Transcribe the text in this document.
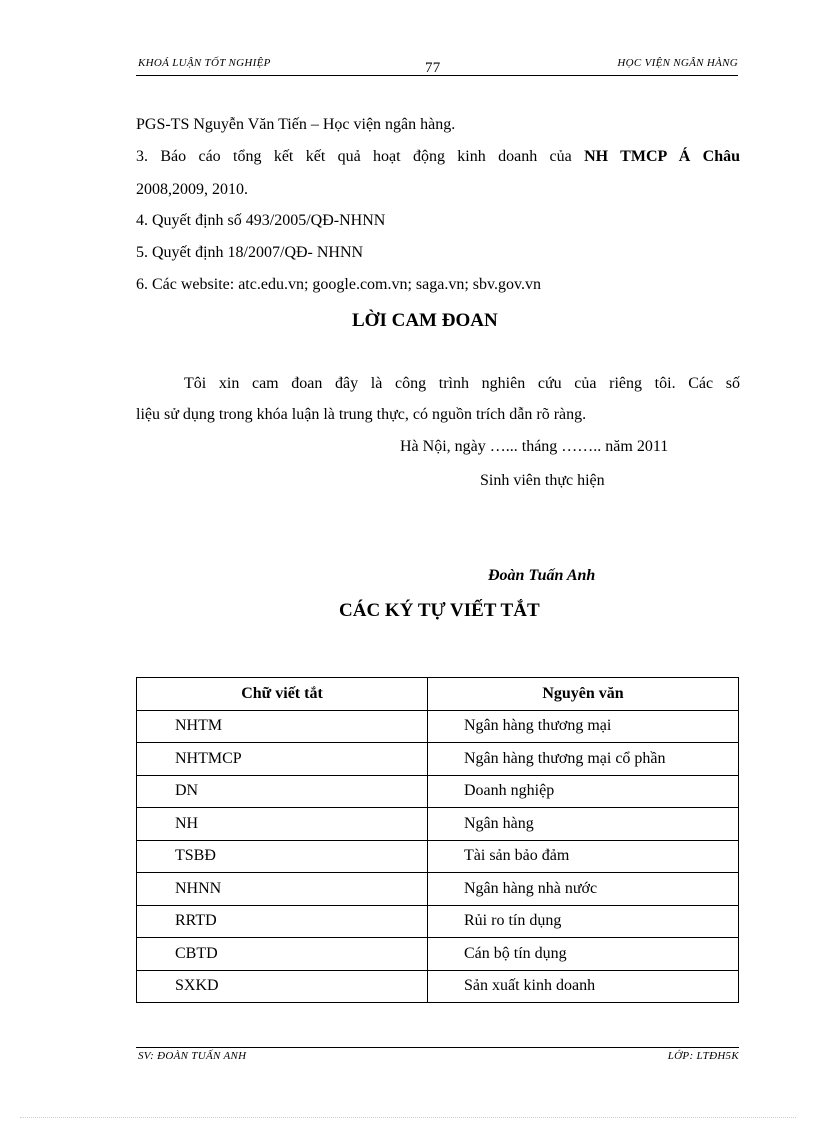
KHOÁ LUẬN TỐT NGHIỆP	77	HỌC VIỆN NGÂN HÀNG
PGS-TS Nguyễn Văn Tiến – Học viện ngân hàng.
3. Báo cáo tổng kết kết quả hoạt động kinh doanh của NH TMCP Á Châu
2008,2009, 2010.
4. Quyết định số 493/2005/QĐ-NHNN
5. Quyết định 18/2007/QĐ- NHNN
6. Các website: atc.edu.vn; google.com.vn; saga.vn; sbv.gov.vn
LỜI CAM ĐOAN
Tôi xin cam đoan đây là công trình nghiên cứu của riêng tôi. Các số
liệu sử dụng trong khóa luận là trung thực, có nguồn trích dẫn rõ ràng.
Hà Nội, ngày …... tháng …….. năm 2011
Sinh viên thực hiện
Đoàn Tuấn Anh
CÁC KÝ TỰ VIẾT TẮT
Chữ viết tắt	Nguyên văn
NHTM	Ngân hàng thương mại
NHTMCP	Ngân hàng thương mại cổ phần
DN	Doanh nghiệp
NH	Ngân hàng
TSBĐ	Tài sản bảo đảm
NHNN	Ngân hàng nhà nước
RRTD	Rủi ro tín dụng
CBTD	Cán bộ tín dụng
SXKD	Sản xuất kinh doanh
SV: ĐOÀN TUẤN ANH	LỚP: LTĐH5K
